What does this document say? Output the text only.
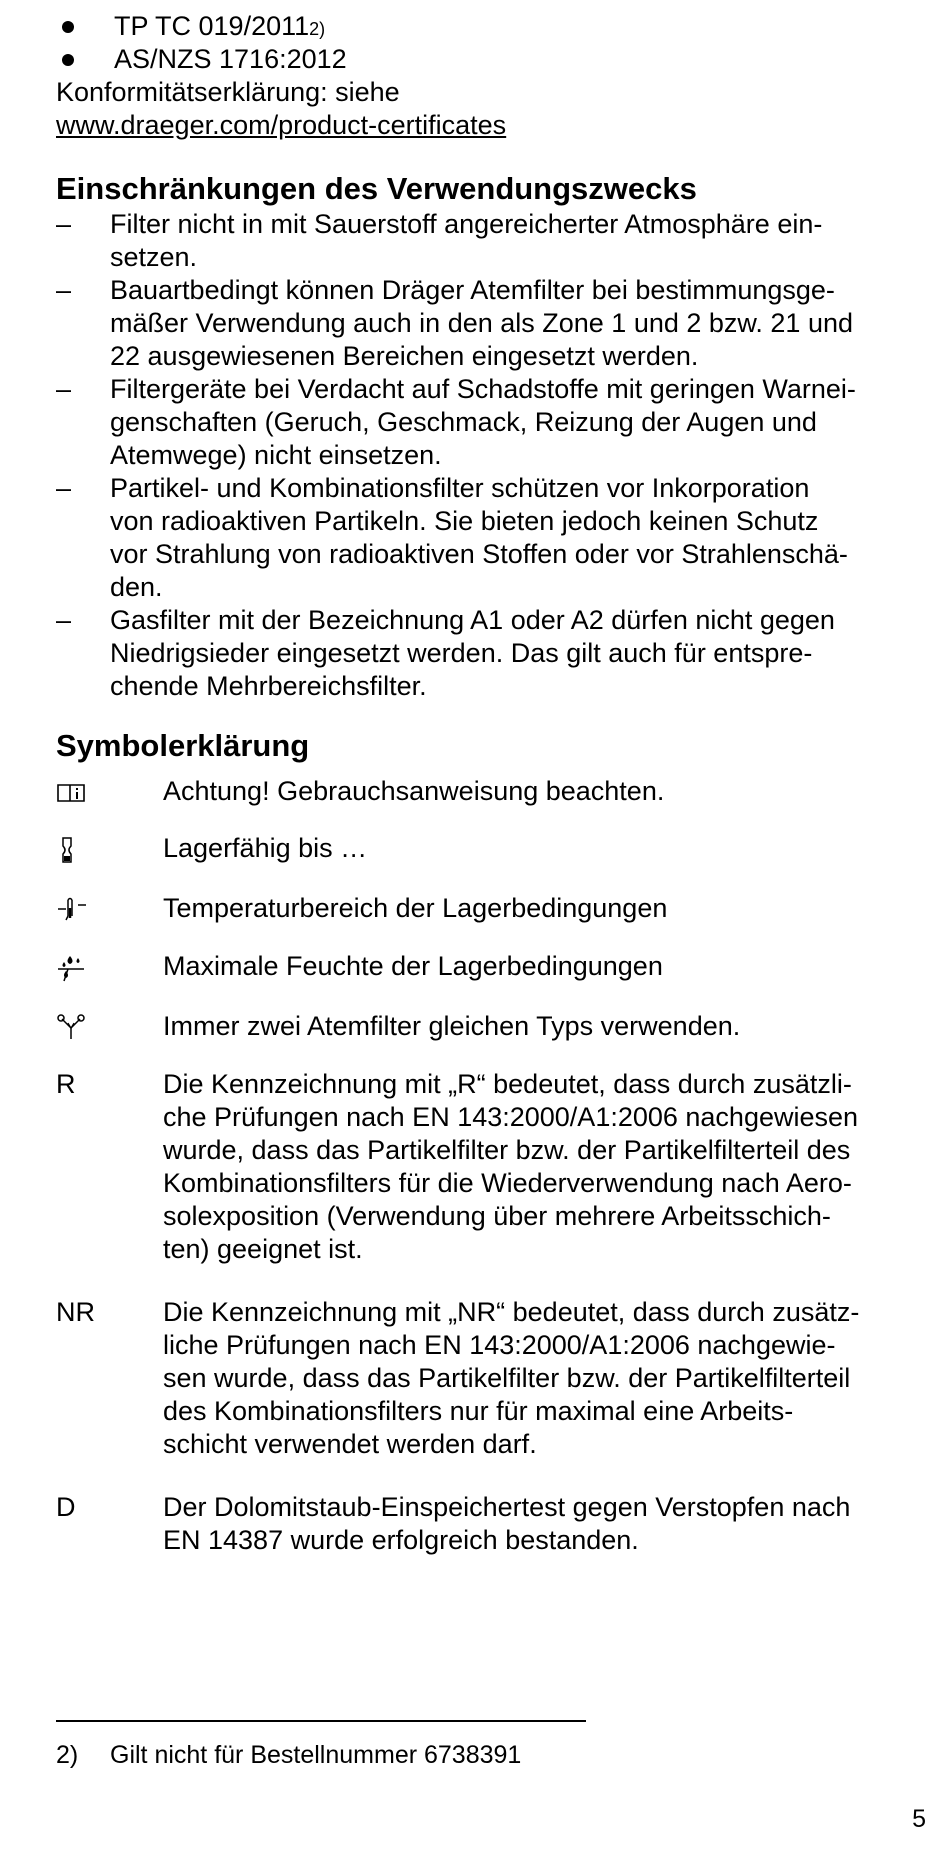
TP TC 019/2011 2)
AS/NZS 1716:2012
Konformitätserklärung: siehe
www.draeger.com/product-certificates
Einschränkungen des Verwendungszwecks
–	Filter nicht in mit Sauerstoff angereicherter Atmosphäre ein-
setzen.
–	Bauartbedingt können Dräger Atemfilter bei bestimmungsge-
mäßer Verwendung auch in den als Zone 1 und 2 bzw. 21 und
22 ausgewiesenen Bereichen eingesetzt werden.
–	Filtergeräte bei Verdacht auf Schadstoffe mit geringen Warnei-
genschaften (Geruch, Geschmack, Reizung der Augen und
Atemwege) nicht einsetzen.
–	Partikel- und Kombinationsfilter schützen vor Inkorporation
von radioaktiven Partikeln. Sie bieten jedoch keinen Schutz
vor Strahlung von radioaktiven Stoffen oder vor Strahlenschä-
den.
–	Gasfilter mit der Bezeichnung A1 oder A2 dürfen nicht gegen
Niedrigsieder eingesetzt werden. Das gilt auch für entspre-
chende Mehrbereichsfilter.
Symbolerklärung
Achtung! Gebrauchsanweisung beachten.
Lagerfähig bis …
Temperaturbereich der Lagerbedingungen
Maximale Feuchte der Lagerbedingungen
Immer zwei Atemfilter gleichen Typs verwenden.
R	Die Kennzeichnung mit „R“ bedeutet, dass durch zusätzli-
che Prüfungen nach EN 143:2000/A1:2006 nachgewiesen
wurde, dass das Partikelfilter bzw. der Partikelfilterteil des
Kombinationsfilters für die Wiederverwendung nach Aero-
solexposition (Verwendung über mehrere Arbeitsschich-
ten) geeignet ist.
NR	Die Kennzeichnung mit „NR“ bedeutet, dass durch zusätz-
liche Prüfungen nach EN 143:2000/A1:2006 nachgewie-
sen wurde, dass das Partikelfilter bzw. der Partikelfilterteil
des Kombinationsfilters nur für maximal eine Arbeits-
schicht verwendet werden darf.
D	Der Dolomitstaub-Einspeichertest gegen Verstopfen nach
EN 14387 wurde erfolgreich bestanden.
2)	Gilt nicht für Bestellnummer 6738391
5
